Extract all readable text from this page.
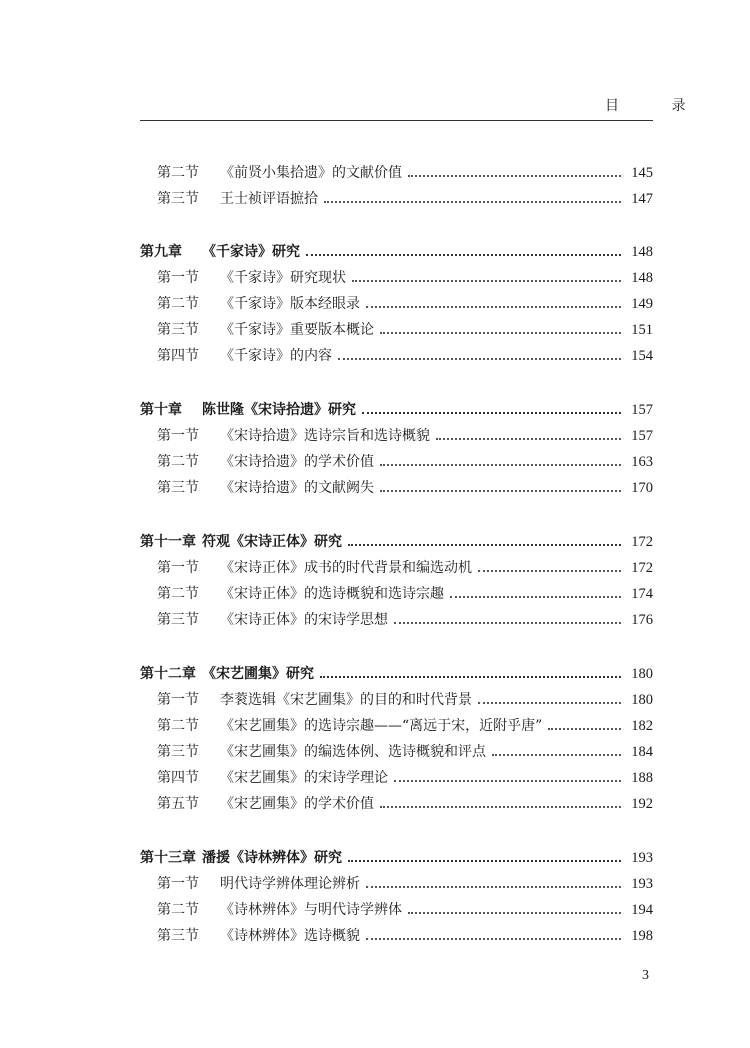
目 录
第二节	《前贤小集拾遗》的文献价值	145
第三节	王士祯评语摭拾	147
第九章	《千家诗》研究	148
第一节	《千家诗》研究现状	148
第二节	《千家诗》版本经眼录	149
第三节	《千家诗》重要版本概论	151
第四节	《千家诗》的内容	154
第十章	陈世隆《宋诗拾遗》研究	157
第一节	《宋诗拾遗》选诗宗旨和选诗概貌	157
第二节	《宋诗拾遗》的学术价值	163
第三节	《宋诗拾遗》的文献阙失	170
第十一章 符观《宋诗正体》研究	172
第一节	《宋诗正体》成书的时代背景和编选动机	172
第二节	《宋诗正体》的选诗概貌和选诗宗趣	174
第三节	《宋诗正体》的宋诗学思想	176
第十二章 《宋艺圃集》研究	180
第一节	李蓘选辑《宋艺圃集》的目的和时代背景	180
第二节	《宋艺圃集》的选诗宗趣——“离远于宋，近附乎唐”	182
第三节	《宋艺圃集》的编选体例、选诗概貌和评点	184
第四节	《宋艺圃集》的宋诗学理论	188
第五节	《宋艺圃集》的学术价值	192
第十三章 潘援《诗林辨体》研究	193
第一节	明代诗学辨体理论辨析	193
第二节	《诗林辨体》与明代诗学辨体	194
第三节	《诗林辨体》选诗概貌	198
3
